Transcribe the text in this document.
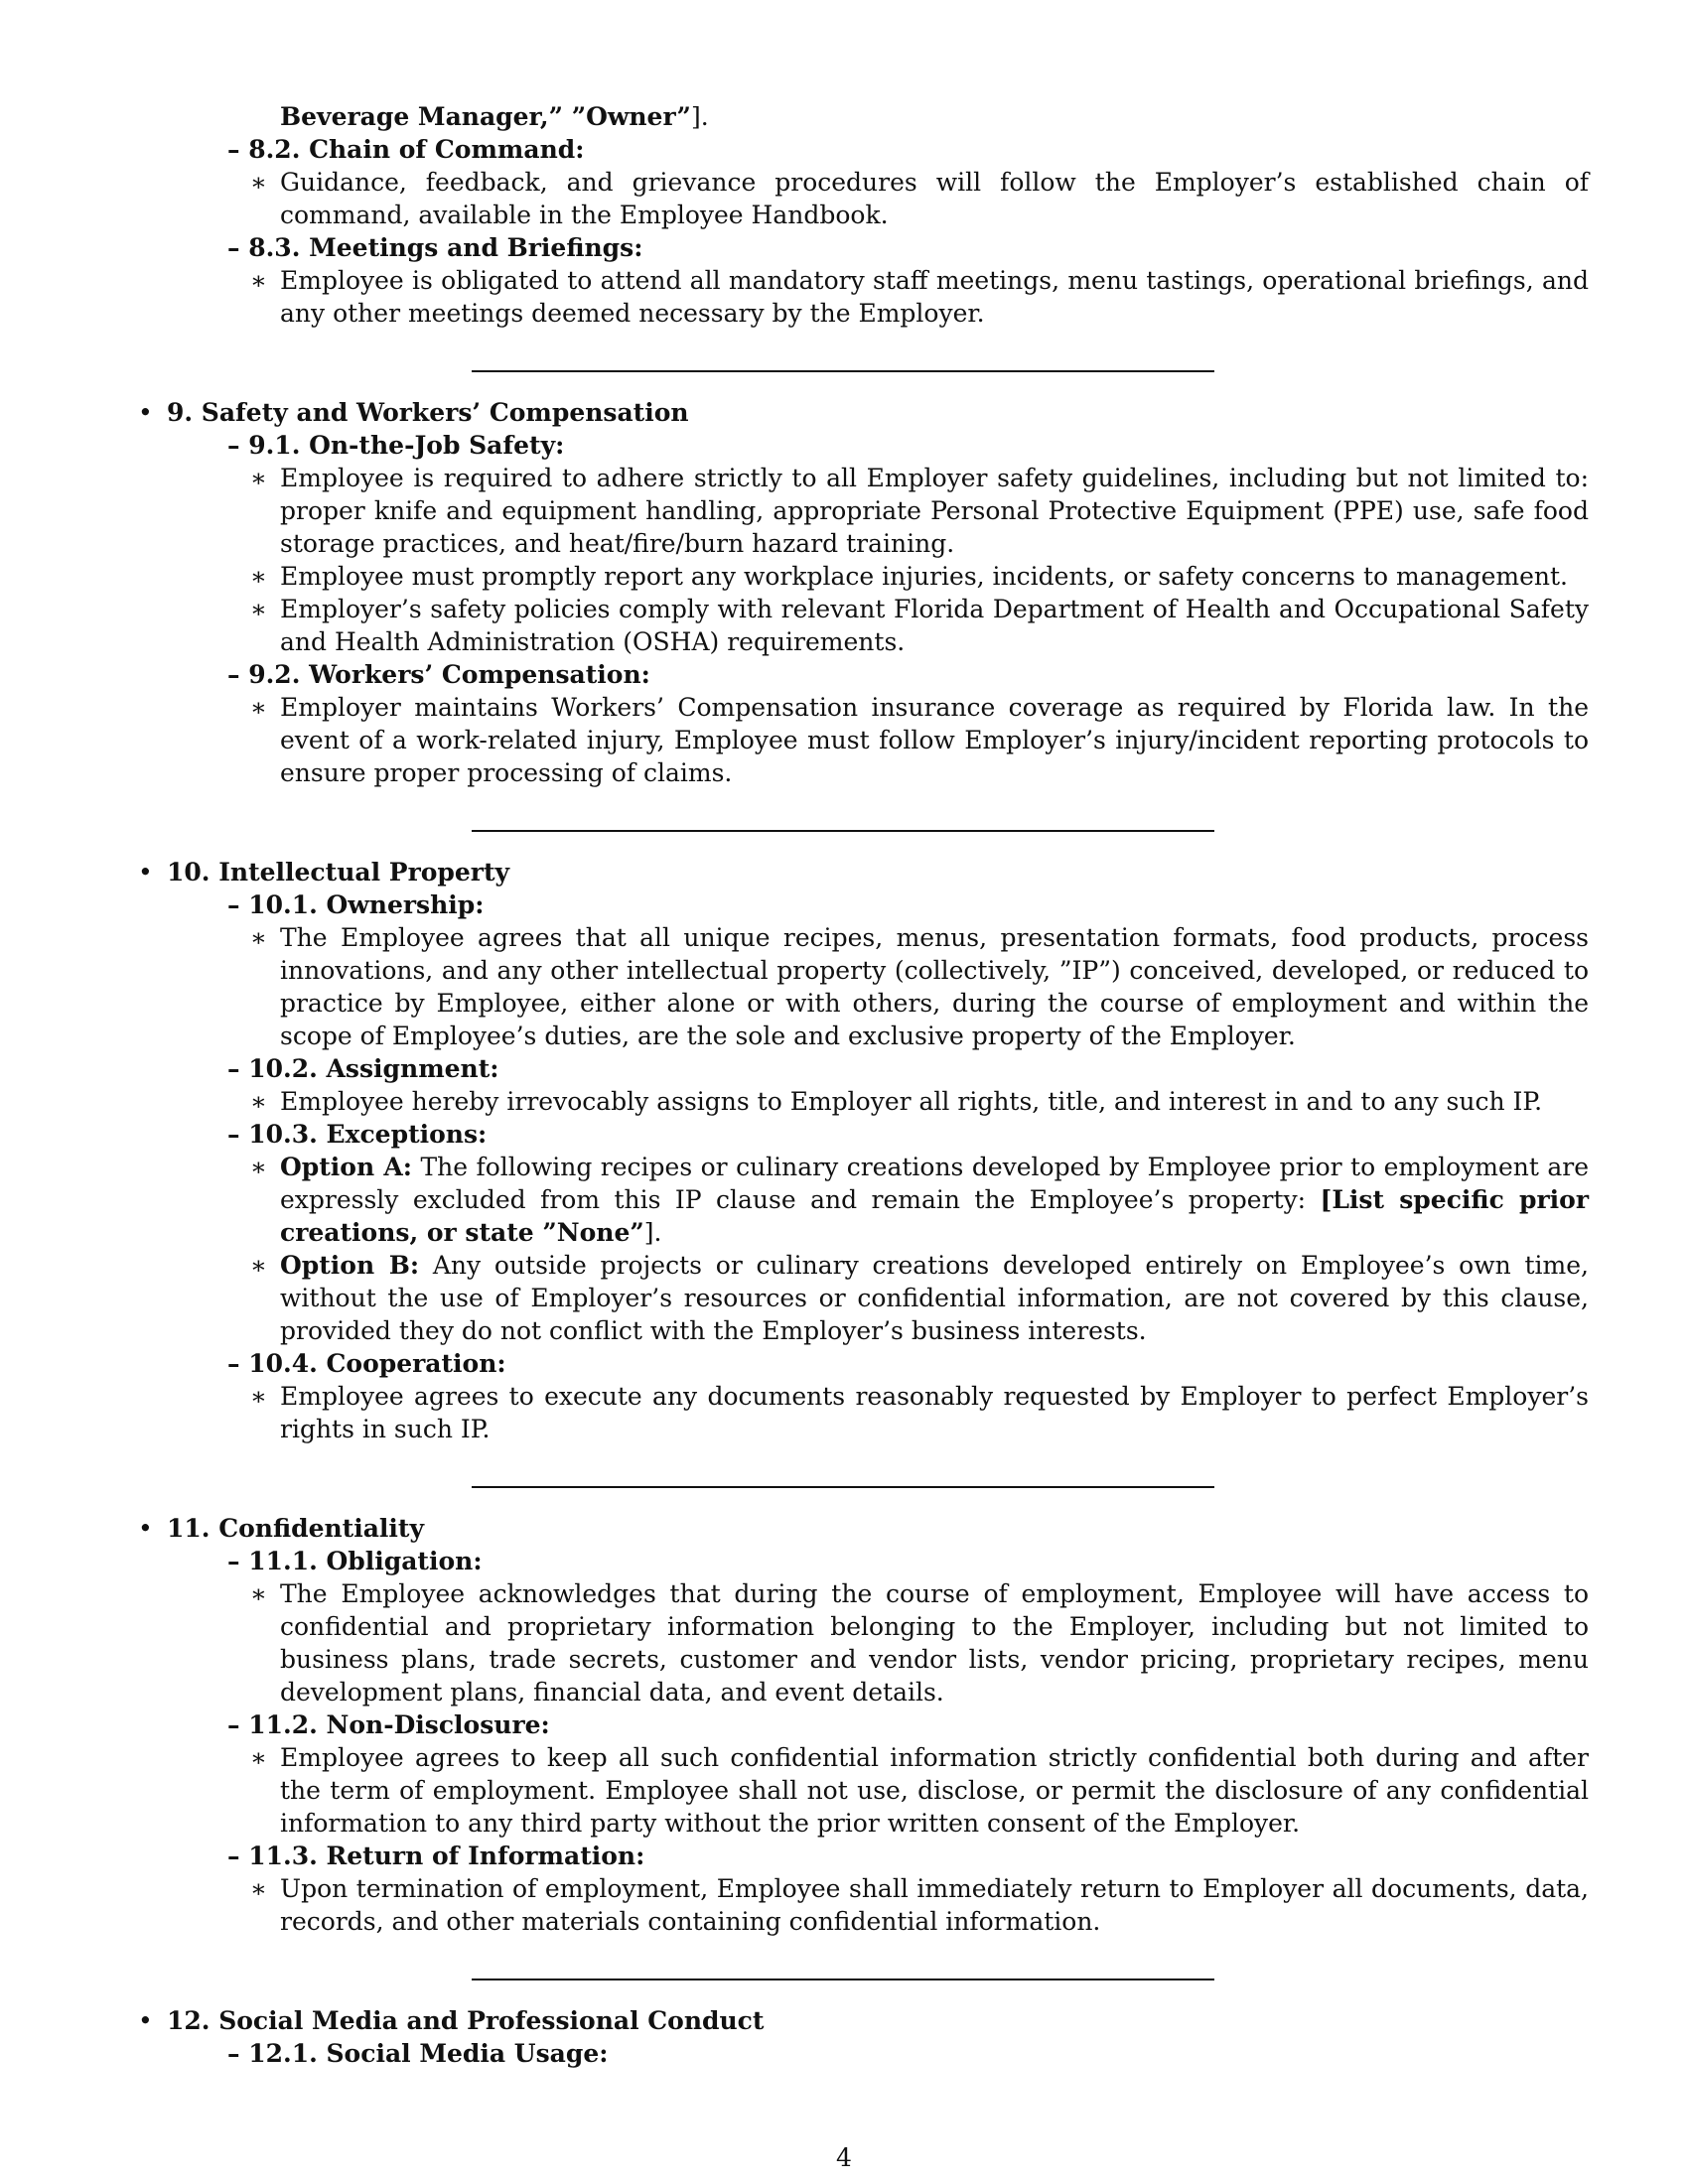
Beverage Manager,” ”Owner”].

– 8.2. Chain of Command:

∗ Guidance, feedback, and grievance procedures will follow the Employer’s established chain of command, available in the Employee Handbook.

– 8.3. Meetings and Briefings:

∗ Employee is obligated to attend all mandatory staff meetings, menu tastings, operational briefings, and any other meetings deemed necessary by the Employer.

• 9. Safety and Workers’ Compensation

– 9.1. On-the-Job Safety:

∗ Employee is required to adhere strictly to all Employer safety guidelines, including but not limited to: proper knife and equipment handling, appropriate Personal Protective Equipment (PPE) use, safe food storage practices, and heat/fire/burn hazard training.

∗ Employee must promptly report any workplace injuries, incidents, or safety concerns to management.

∗ Employer’s safety policies comply with relevant Florida Department of Health and Occupational Safety and Health Administration (OSHA) requirements.

– 9.2. Workers’ Compensation:

∗ Employer maintains Workers’ Compensation insurance coverage as required by Florida law. In the event of a work-related injury, Employee must follow Employer’s injury/incident reporting protocols to ensure proper processing of claims.

• 10. Intellectual Property

– 10.1. Ownership:

∗ The Employee agrees that all unique recipes, menus, presentation formats, food products, process innovations, and any other intellectual property (collectively, ”IP”) conceived, developed, or reduced to practice by Employee, either alone or with others, during the course of employment and within the scope of Employee’s duties, are the sole and exclusive property of the Employer.

– 10.2. Assignment:

∗ Employee hereby irrevocably assigns to Employer all rights, title, and interest in and to any such IP.

– 10.3. Exceptions:

∗ Option A: The following recipes or culinary creations developed by Employee prior to employment are expressly excluded from this IP clause and remain the Employee’s property: [List specific prior creations, or state ”None”].

∗ Option B: Any outside projects or culinary creations developed entirely on Employee’s own time, without the use of Employer’s resources or confidential information, are not covered by this clause, provided they do not conflict with the Employer’s business interests.

– 10.4. Cooperation:

∗ Employee agrees to execute any documents reasonably requested by Employer to perfect Employer’s rights in such IP.

• 11. Confidentiality

– 11.1. Obligation:

∗ The Employee acknowledges that during the course of employment, Employee will have access to confidential and proprietary information belonging to the Employer, including but not limited to business plans, trade secrets, customer and vendor lists, vendor pricing, proprietary recipes, menu development plans, financial data, and event details.

– 11.2. Non-Disclosure:

∗ Employee agrees to keep all such confidential information strictly confidential both during and after the term of employment. Employee shall not use, disclose, or permit the disclosure of any confidential information to any third party without the prior written consent of the Employer.

– 11.3. Return of Information:

∗ Upon termination of employment, Employee shall immediately return to Employer all documents, data, records, and other materials containing confidential information.

• 12. Social Media and Professional Conduct

– 12.1. Social Media Usage:

4
